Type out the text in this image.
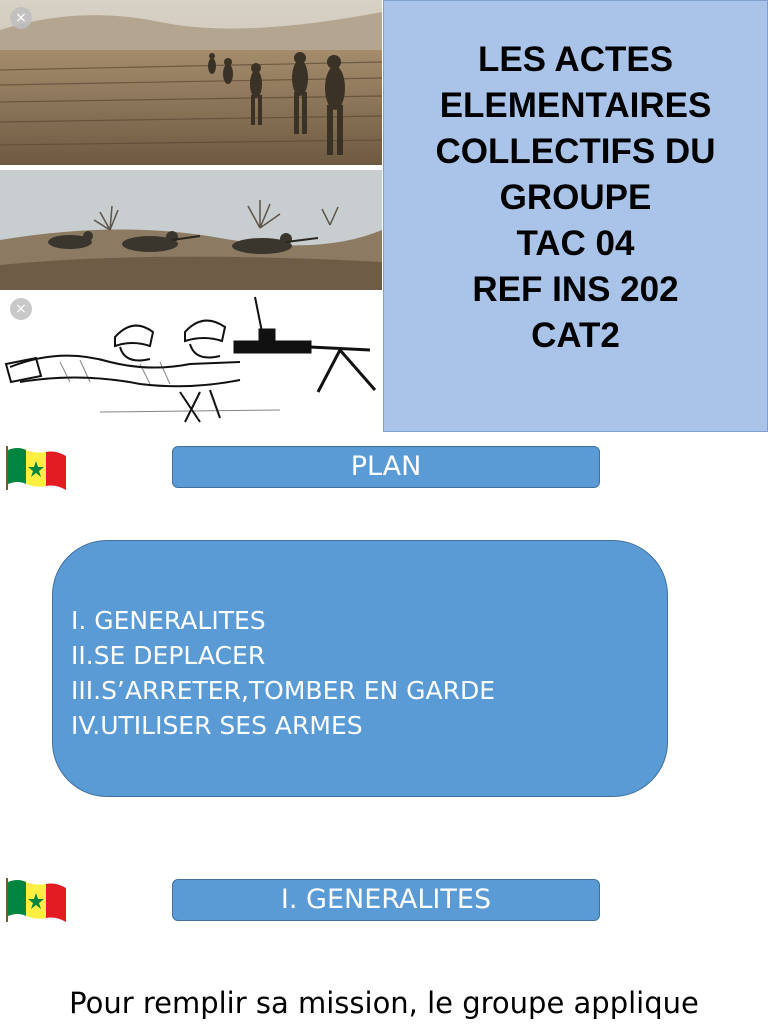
×
×
LES ACTES
ELEMENTAIRES
COLLECTIFS DU
GROUPE
TAC 04
REF INS 202
CAT2
PLAN
I. GENERALITES
II.SE DEPLACER
III.S’ARRETER,TOMBER EN GARDE
IV.UTILISER SES ARMES
I. GENERALITES
Pour remplir sa mission, le groupe applique
